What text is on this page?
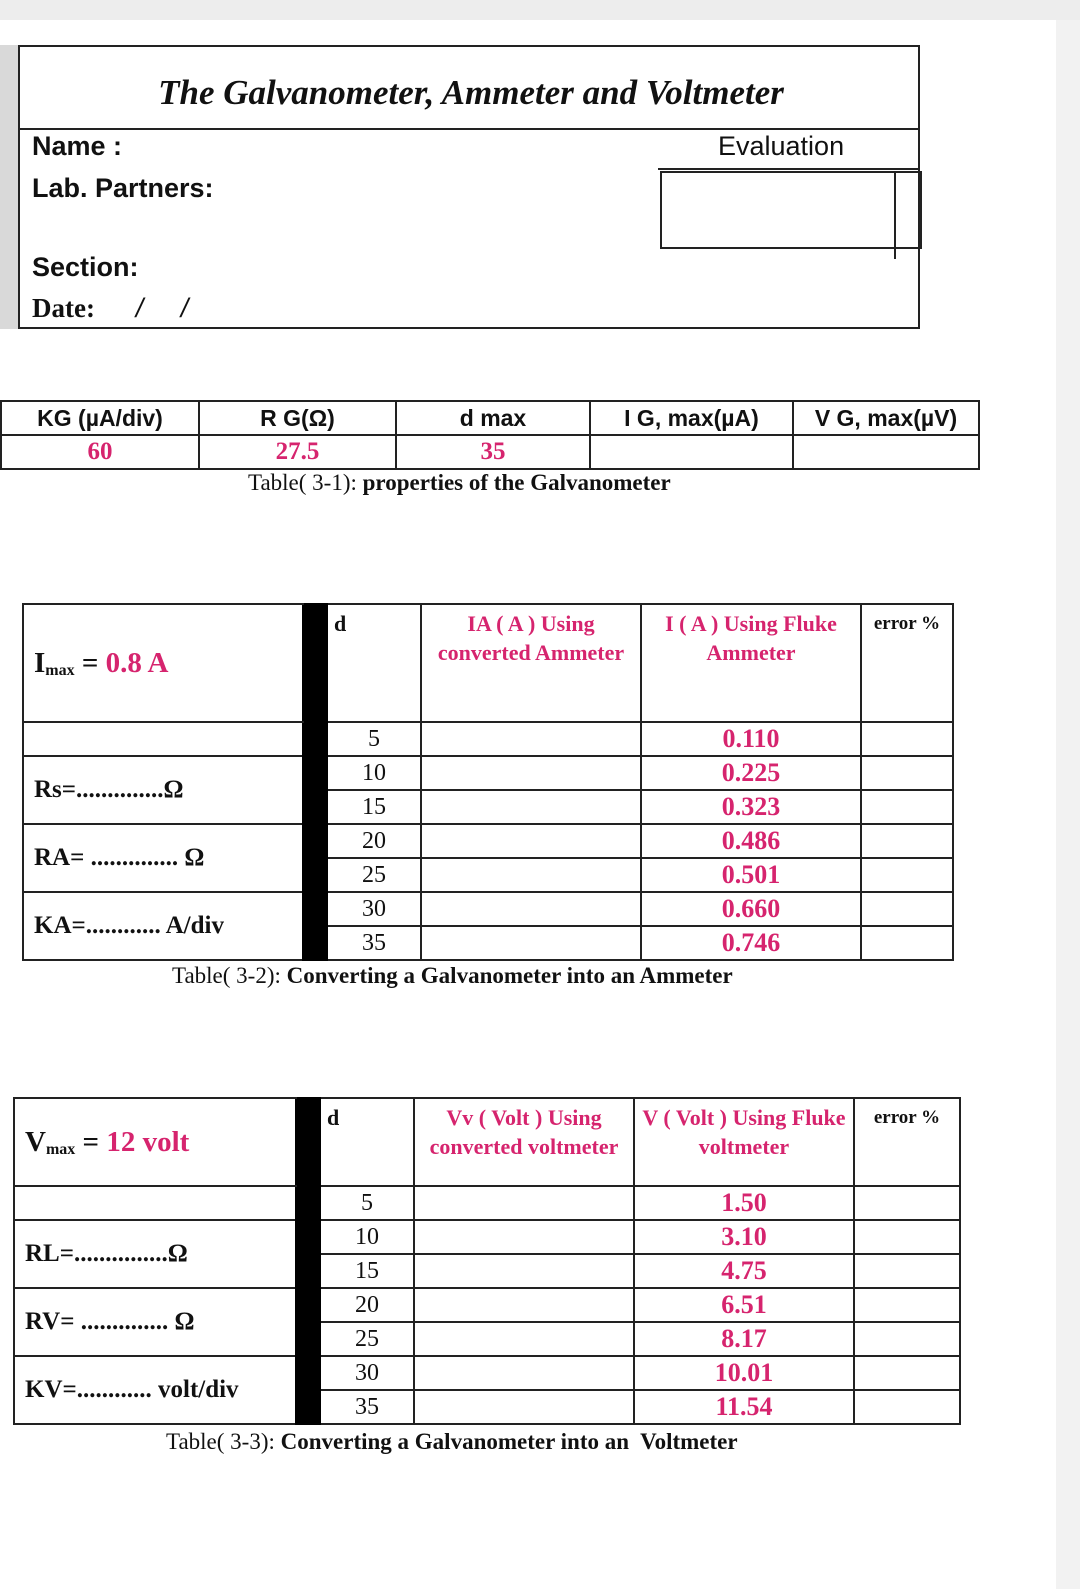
The Galvanometer, Ammeter and Voltmeter
Name :
Lab. Partners:
Section:
Date: /     /
Evaluation
KG (µA/div)	R G(Ω)	d max	I G, max(µA)	V G, max(µV)
60	27.5	35		
Table( 3-1): properties of the Galvanometer
$I_{max} = 0.8$ A		d	IA ( A ) Using converted Ammeter	I ( A ) Using Fluke Ammeter	error %
		5		0.110	
Rs=..............Ω		10		0.225	
		15		0.323	
RA= .............. Ω		20		0.486	
		25		0.501	
KA=............ A/div		30		0.660	
		35		0.746	
Table( 3-2): Converting a Galvanometer into an Ammeter
$V_{max} = 12$ volt		d	Vv ( Volt ) Using converted voltmeter	V ( Volt ) Using Fluke voltmeter	error %
		5		1.50	
RL=...............Ω		10		3.10	
		15		4.75	
RV= .............. Ω		20		6.51	
		25		8.17	
KV=............ volt/div		30		10.01	
		35		11.54	
Table( 3-3): Converting a Galvanometer into an  Voltmeter
